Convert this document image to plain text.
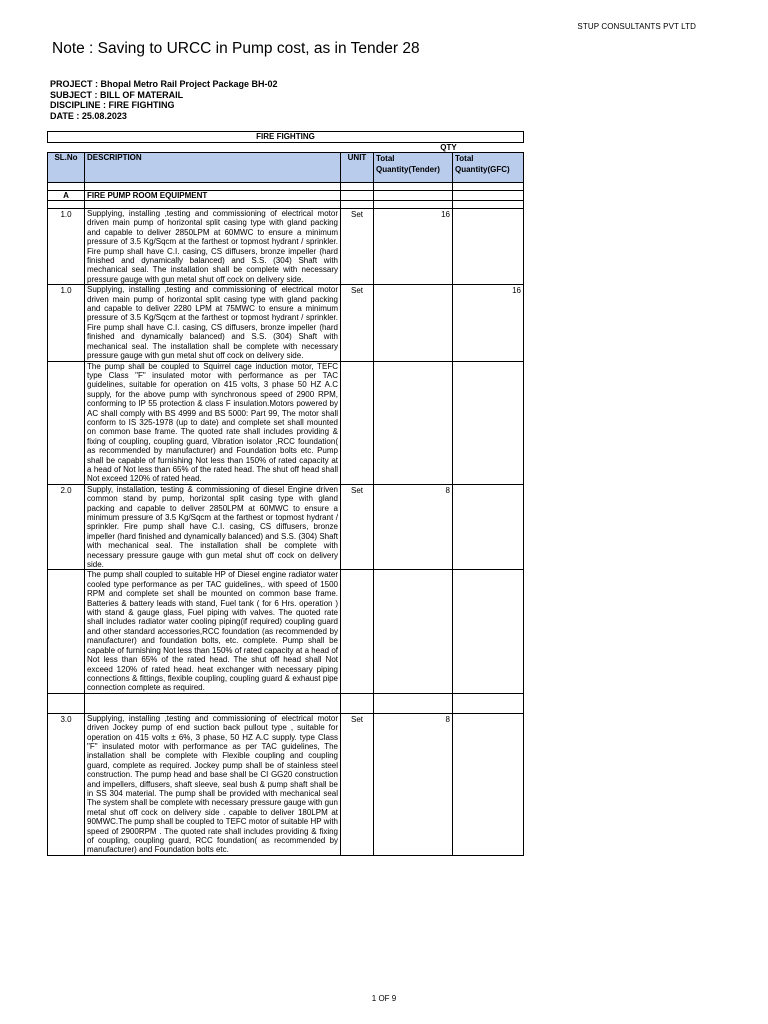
STUP CONSULTANTS PVT LTD
Note : Saving to URCC in Pump cost, as in Tender 28
PROJECT : Bhopal Metro Rail Project Package BH-02
SUBJECT : BILL OF MATERAIL
DISCIPLINE : FIRE FIGHTING
DATE : 25.08.2023
FIRE FIGHTING				
			QTY	
SL.No	DESCRIPTION	UNIT	Total Quantity(Tender)	Total Quantity(GFC)

A	FIRE PUMP ROOM EQUIPMENT			

1.0	Supplying, installing ,testing and commissioning of electrical motor driven main pump of horizontal split casing type with gland packing and capable to deliver 2850LPM at 60MWC to ensure a minimum pressure of 3.5 Kg/Sqcm at the farthest or topmost hydrant / sprinkler. Fire pump shall have C.I. casing, CS diffusers, bronze impeller (hard finished and dynamically balanced) and S.S. (304) Shaft with mechanical seal. The installation shall be complete with necessary pressure gauge with gun metal shut off cock on delivery side.	Set	16	
1.0	Supplying, installing ,testing and commissioning of electrical motor driven main pump of horizontal split casing type with gland packing and capable to deliver 2280 LPM at 75MWC to ensure a minimum pressure of 3.5 Kg/Sqcm at the farthest or topmost hydrant / sprinkler. Fire pump shall have C.I. casing, CS diffusers, bronze impeller (hard finished and dynamically balanced) and S.S. (304) Shaft with mechanical seal. The installation shall be complete with necessary pressure gauge with gun metal shut off cock on delivery side.	Set		16
	The pump shall be coupled to Squirrel cage induction motor, TEFC type Class "F" insulated motor with performance as per TAC guidelines, suitable for operation on 415 volts, 3 phase 50 HZ A.C supply, for the above pump with synchronous speed of 2900 RPM, conforming to IP 55 protection & class F insulation.Motors powered by AC shall comply with BS 4999 and BS 5000: Part 99, The motor shall conform to IS 325-1978 (up to date) and complete set shall mounted on common base frame. The quoted rate shall includes providing & fixing of coupling, coupling guard, Vibration isolator ,RCC foundation( as recommended by manufacturer) and Foundation bolts etc. Pump shall be capable of furnishing Not less than 150% of rated capacity at a head of Not less than 65% of the rated head. The shut off head shall Not exceed 120% of rated head.			
2.0	Supply, installation, testing & commissioning of diesel Engine driven common stand by pump, horizontal split casing type with gland packing and capable to deliver 2850LPM at 60MWC to ensure a minimum pressure of 3.5 Kg/Sqcm at the farthest or topmost hydrant / sprinkler. Fire pump shall have C.I. casing, CS diffusers, bronze impeller (hard finished and dynamically balanced) and S.S. (304) Shaft with mechanical seal. The installation shall be complete with necessary pressure gauge with gun metal shut off cock on delivery side.	Set	8	
	The pump shall coupled to suitable HP of Diesel engine radiator water cooled type performance as per TAC guidelines,. with speed of 1500 RPM and complete set shall be mounted on common base frame. Batteries & battery leads with stand, Fuel tank ( for 6 Hrs. operation ) with stand & gauge glass, Fuel piping with valves. The quoted rate shall includes radiator water cooling piping(if required) coupling guard and other standard accessories,RCC foundation (as recommended by manufacturer) and foundation bolts, etc. complete. Pump shall be capable of furnishing Not less than 150% of rated capacity at a head of Not less than 65% of the rated head. The shut off head shall Not exceed 120% of rated head. heat exchanger with necessary piping connections & fittings, flexible coupling, coupling guard & exhaust pipe connection complete as required.			

3.0	Supplying, installing ,testing and commissioning of electrical motor driven Jockey pump of end suction back pullout type , suitable for operation on 415 volts ± 6%, 3 phase, 50 HZ A.C supply. type Class "F" insulated motor with performance as per TAC guidelines, The installation shall be complete with Flexible coupling and coupling guard, complete as required. Jockey pump shall be of stainless steel construction. The pump head and base shall be CI GG20 construction and impellers, diffusers, shaft sleeve, seal bush & pump shaft shall be in SS 304 material. The pump shall be provided with mechanical seal The system shall be complete with necessary pressure gauge with gun metal shut off cock on delivery side . capable to deliver 180LPM at 90MWC.The pump shall be coupled to TEFC motor of suitable HP with speed of 2900RPM . The quoted rate shall includes providing & fixing of coupling, coupling guard, RCC foundation( as recommended by manufacturer) and Foundation bolts etc.	Set	8	
1 OF 9
